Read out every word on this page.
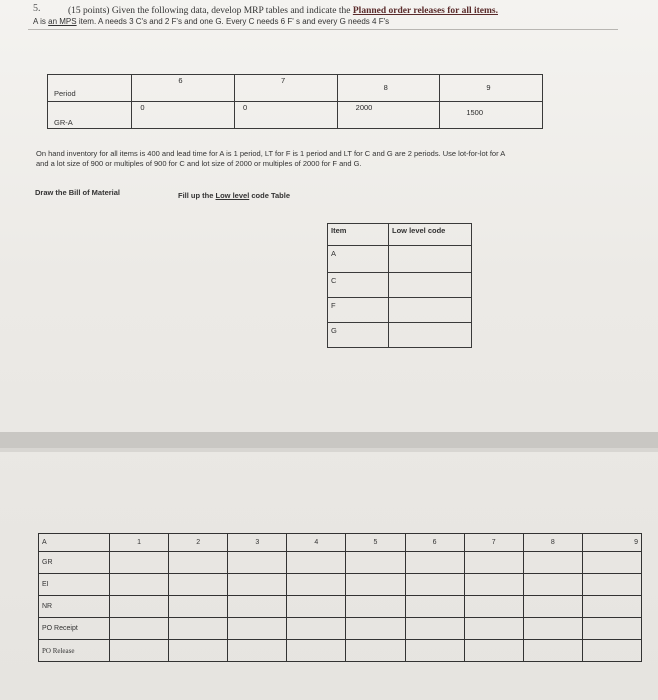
5.	(15 points) Given the following data, develop MRP tables and indicate the Planned order releases for all items.
A is an MPS item. A needs 3 C's and 2 F's and one G. Every C needs 6 F' s and every G needs 4 F's
Period	6	7	8	9

GR-A	0	0	2000	1500
On hand inventory for all items is 400 and lead time for A is 1 period, LT for F is 1 period and LT for C and G are 2 periods. Use lot-for-lot for A
and a lot size of 900 or multiples of 900 for C and lot size of 2000 or multiples of 2000 for F and G.
Draw the Bill of Material	Fill up the Low level code Table
Item	Low level code
A	
C	
F	
G	
A	1	2	3	4	5	6	7	8	9
GR									
EI									
NR									
PO Receipt									
PO Release									
